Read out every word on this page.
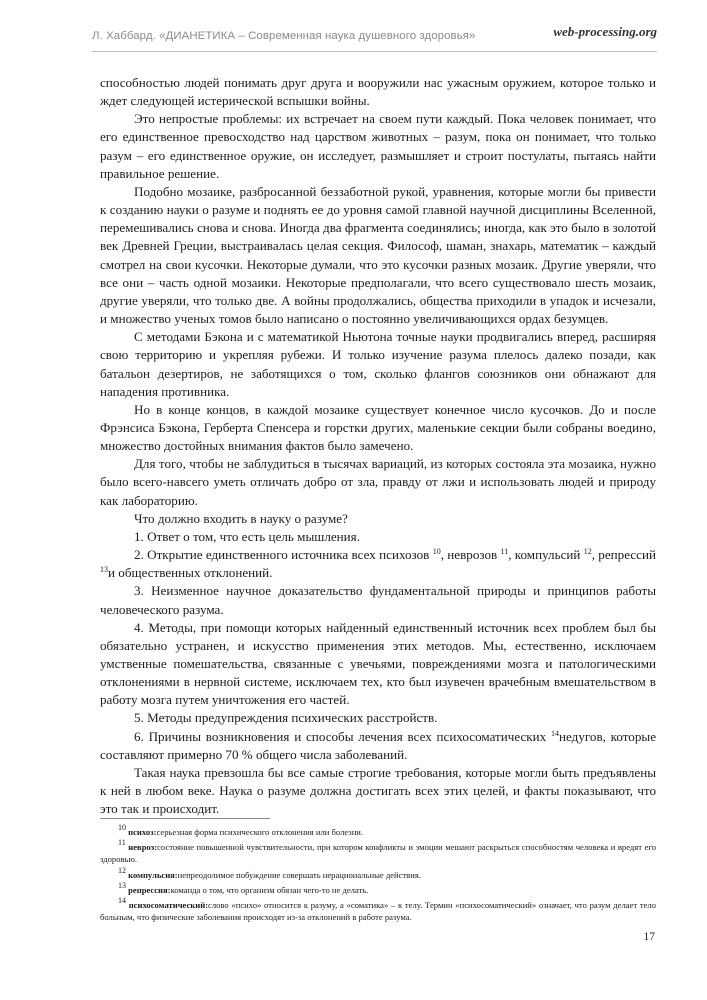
Л. Хаббард. «ДИАНЕТИКА – Современная наука душевного здоровья»	web-processing.org

способностью людей понимать друг друга и вооружили нас ужасным оружием, которое только и ждет следующей истерической вспышки войны.

Это непростые проблемы: их встречает на своем пути каждый. Пока человек понимает, что его единственное превосходство над царством животных – разум, пока он понимает, что только разум – его единственное оружие, он исследует, размышляет и строит постулаты, пытаясь найти правильное решение.

Подобно мозаике, разбросанной беззаботной рукой, уравнения, которые могли бы привести к созданию науки о разуме и поднять ее до уровня самой главной научной дисциплины Вселенной, перемешивались снова и снова. Иногда два фрагмента соединялись; иногда, как это было в золотой век Древней Греции, выстраивалась целая секция. Философ, шаман, знахарь, математик – каждый смотрел на свои кусочки. Некоторые думали, что это кусочки разных мозаик. Другие уверяли, что все они – часть одной мозаики. Некоторые предполагали, что всего существовало шесть мозаик, другие уверяли, что только две. А войны продолжались, общества приходили в упадок и исчезали, и множество ученых томов было написано о постоянно увеличивающихся ордах безумцев.

С методами Бэкона и с математикой Ньютона точные науки продвигались вперед, расширяя свою территорию и укрепляя рубежи. И только изучение разума плелось далеко позади, как батальон дезертиров, не заботящихся о том, сколько флангов союзников они обнажают для нападения противника.

Но в конце концов, в каждой мозаике существует конечное число кусочков. До и после Фрэнсиса Бэкона, Герберта Спенсера и горстки других, маленькие секции были собраны воедино, множество достойных внимания фактов было замечено.

Для того, чтобы не заблудиться в тысячах вариаций, из которых состояла эта мозаика, нужно было всего-навсего уметь отличать добро от зла, правду от лжи и использовать людей и природу как лабораторию.

Что должно входить в науку о разуме?

1. Ответ о том, что есть цель мышления.

2. Открытие единственного источника всех психозов $^{10}$, неврозов $^{11}$, компульсий $^{12}$, репрессий $^{13}$и общественных отклонений.

3. Неизменное научное доказательство фундаментальной природы и принципов работы человеческого разума.

4. Методы, при помощи которых найденный единственный источник всех проблем был бы обязательно устранен, и искусство применения этих методов. Мы, естественно, исключаем умственные помешательства, связанные с увечьями, повреждениями мозга и патологическими отклонениями в нервной системе, исключаем тех, кто был изувечен врачебным вмешательством в работу мозга путем уничтожения его частей.

5. Методы предупреждения психических расстройств.

6. Причины возникновения и способы лечения всех психосоматических $^{14}$недугов, которые составляют примерно 70 % общего числа заболеваний.

Такая наука превзошла бы все самые строгие требования, которые могли быть предъявлены к ней в любом веке. Наука о разуме должна достигать всех этих целей, и факты показывают, что это так и происходит.

$^{10}$ психоз:серьезная форма психического отклонения или болезни.
$^{11}$ невроз:состояние повышенной чувствительности, при котором конфликты и эмоции мешают раскрыться способностям человека и вредят его здоровью.
$^{12}$ компульсия:непреодолимое побуждение совершать нерациональные действия.
$^{13}$ репрессия:команда о том, что организм обязан чего-то не делать.
$^{14}$ психосоматический:слово «психо» относится к разуму, а «соматика» – к телу. Термин «психосоматический» означает, что разум делает тело больным, что физические заболевания происходят из-за отклонений в работе разума.
17
